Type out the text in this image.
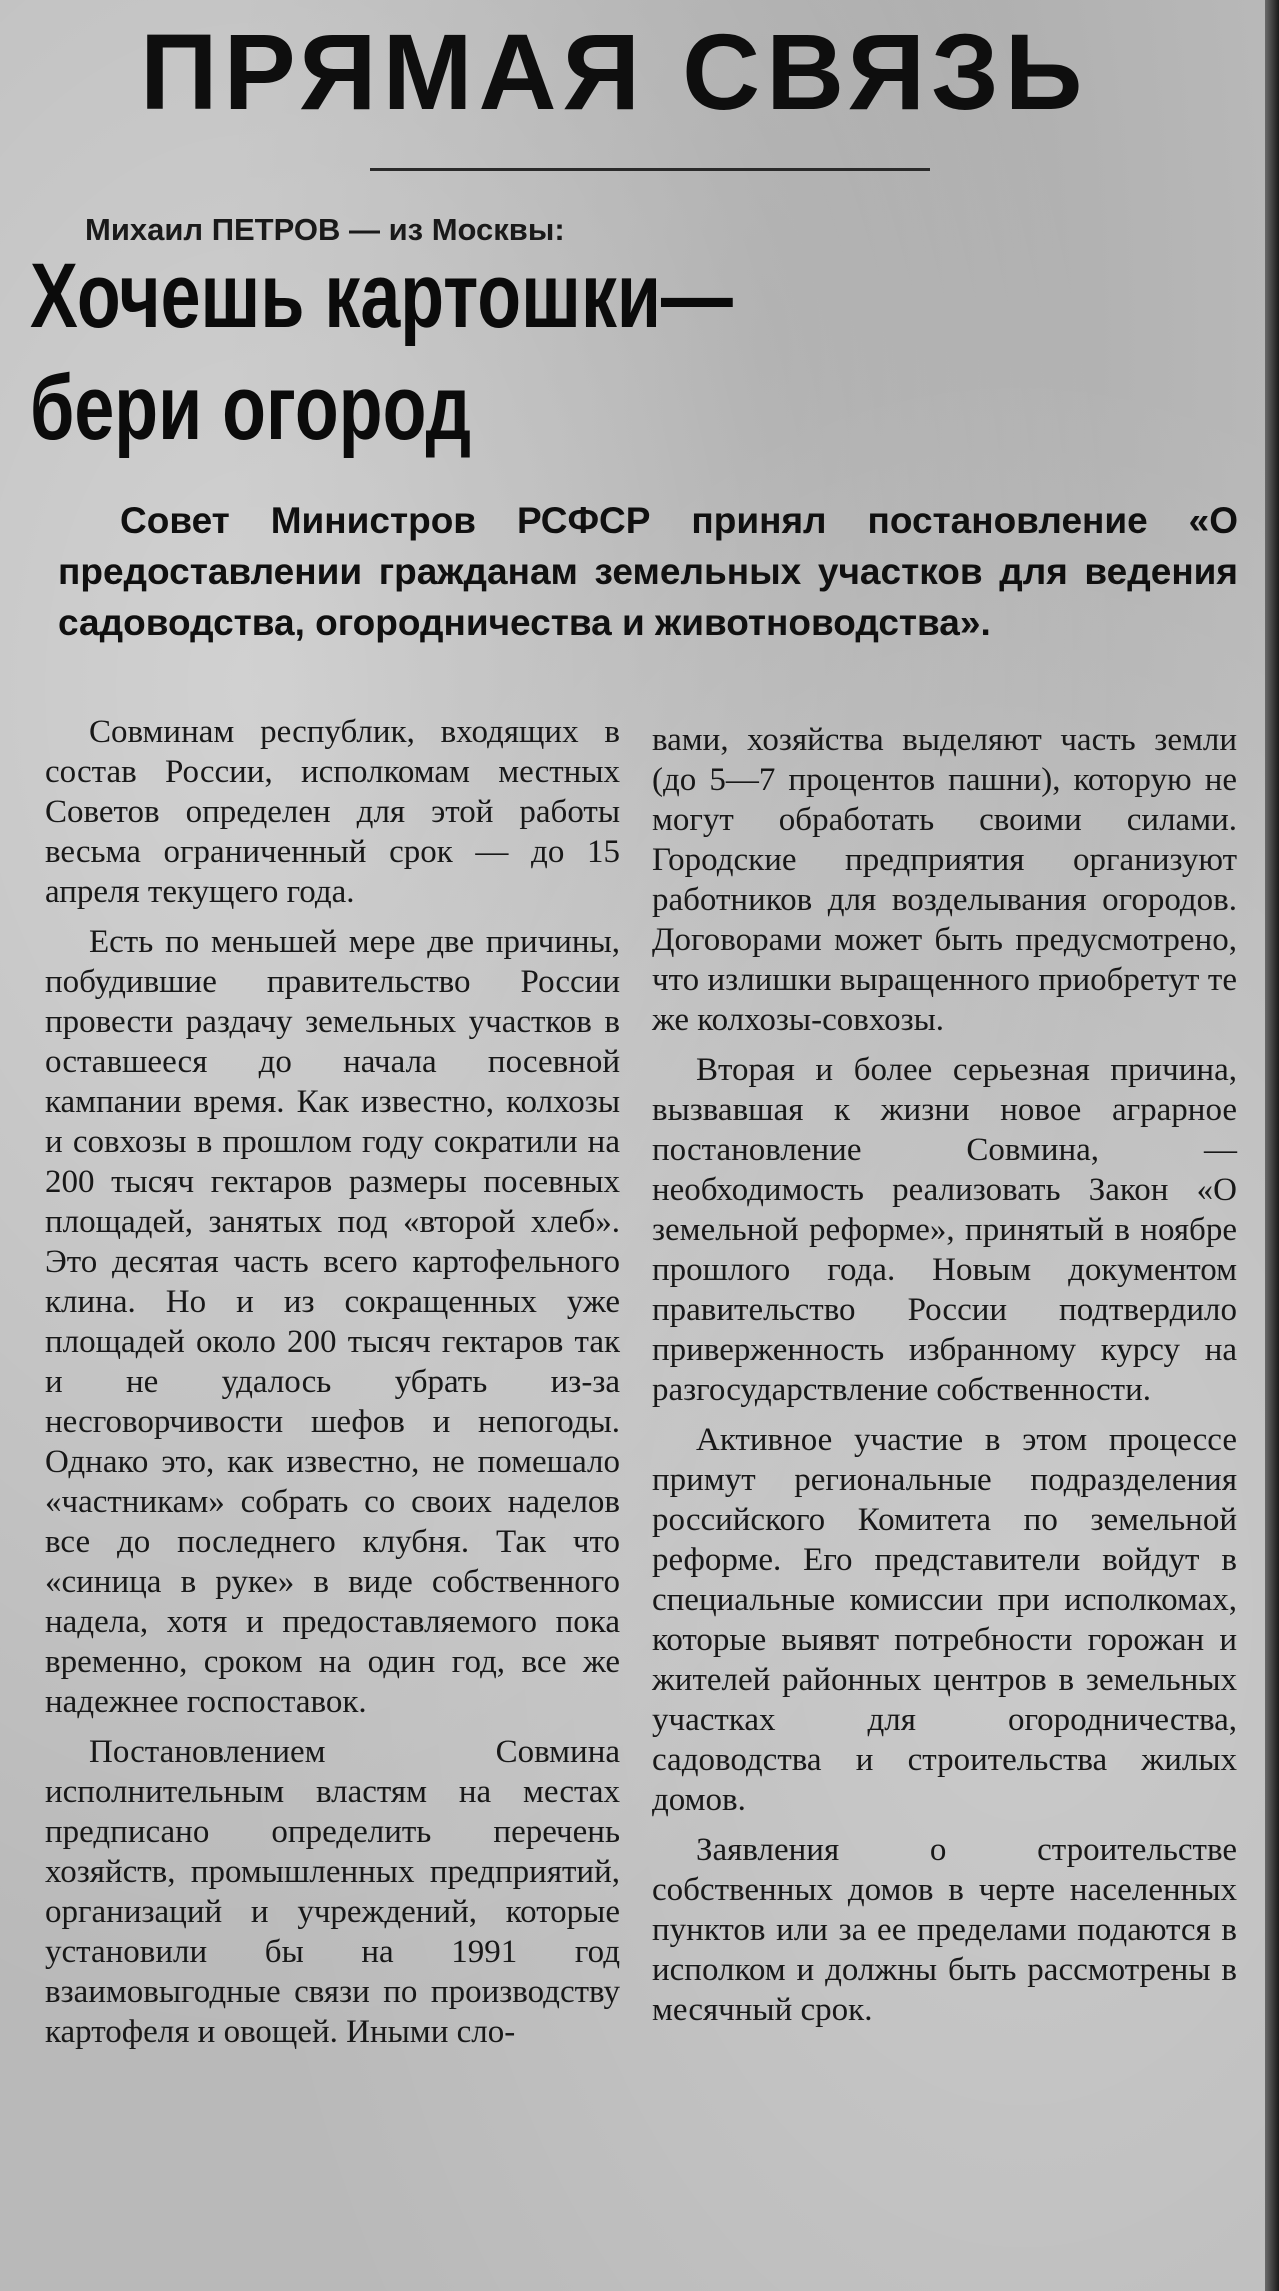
ПРЯМАЯ СВЯЗЬ
Михаил ПЕТРОВ — из Москвы:
Хочешь картошки—
бери огород

Совет Министров РСФСР принял постановление «О предоставлении гражданам земельных участков для ведения садоводства, огородничества и животноводства».

Совминам республик, входящих в состав России, исполкомам местных Советов определен для этой работы весьма ограниченный срок — до 15 апреля текущего года.

Есть по меньшей мере две причины, побудившие правительство России провести раздачу земельных участков в оставшееся до начала посевной кампании время. Как известно, колхозы и совхозы в прошлом году сократили на 200 тысяч гектаров размеры посевных площадей, занятых под «второй хлеб». Это десятая часть всего картофельного клина. Но и из сокращенных уже площадей около 200 тысяч гектаров так и не удалось убрать из-за несговорчивости шефов и непогоды. Однако это, как известно, не помешало «частникам» собрать со своих наделов все до последнего клубня. Так что «синица в руке» в виде собственного надела, хотя и предоставляемого пока временно, сроком на один год, все же надежнее госпоставок.

Постановлением Совмина исполнительным властям на местах предписано определить перечень хозяйств, промышленных предприятий, организаций и учреждений, которые установили бы на 1991 год взаимовыгодные связи по производству картофеля и овощей. Иными сло-

вами, хозяйства выделяют часть земли (до 5—7 процентов пашни), которую не могут обработать своими силами. Городские предприятия организуют работников для возделывания огородов. Договорами может быть предусмотрено, что излишки выращенного приобретут те же колхозы-совхозы.

Вторая и более серьезная причина, вызвавшая к жизни новое аграрное постановление Совмина, — необходимость реализовать Закон «О земельной реформе», принятый в ноябре прошлого года. Новым документом правительство России подтвердило приверженность избранному курсу на разгосударствление собственности.

Активное участие в этом процессе примут региональные подразделения российского Комитета по земельной реформе. Его представители войдут в специальные комиссии при исполкомах, которые выявят потребности горожан и жителей районных центров в земельных участках для огородничества, садоводства и строительства жилых домов.

Заявления о строительстве собственных домов в черте населенных пунктов или за ее пределами подаются в исполком и должны быть рассмотрены в месячный срок.
